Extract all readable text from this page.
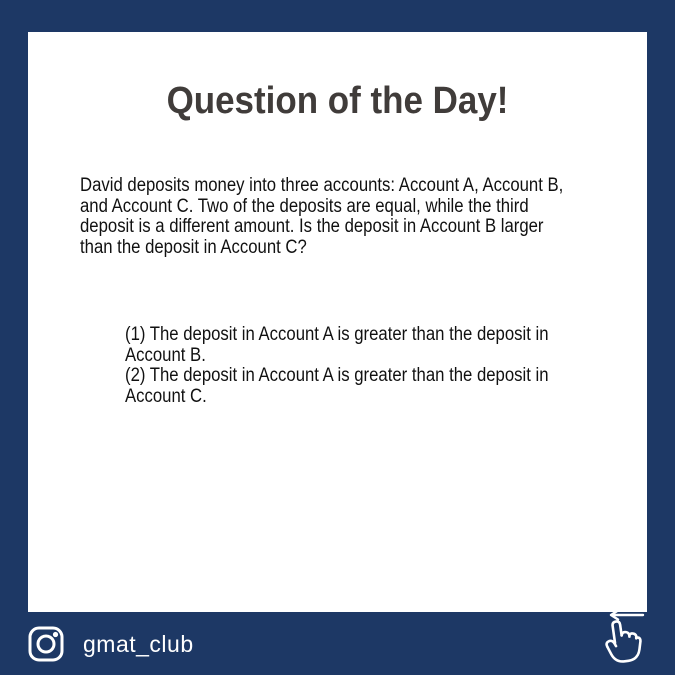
Question of the Day!
David deposits money into three accounts: Account A, Account B,
and Account C. Two of the deposits are equal, while the third
deposit is a different amount. Is the deposit in Account B larger
than the deposit in Account C?
(1) The deposit in Account A is greater than the deposit in
Account B.
(2) The deposit in Account A is greater than the deposit in
Account C.
gmat_club
